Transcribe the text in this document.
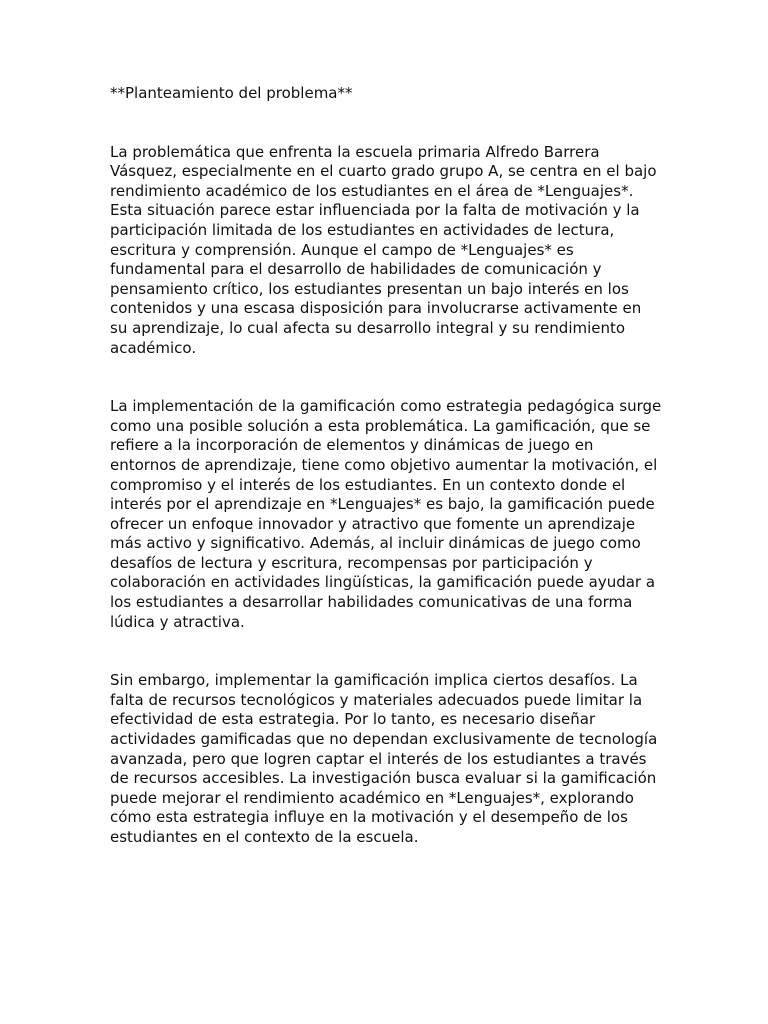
**Planteamiento del problema**

La problemática que enfrenta la escuela primaria Alfredo Barrera Vásquez, especialmente en el cuarto grado grupo A, se centra en el bajo rendimiento académico de los estudiantes en el área de *Lenguajes*. Esta situación parece estar influenciada por la falta de motivación y la participación limitada de los estudiantes en actividades de lectura, escritura y comprensión. Aunque el campo de *Lenguajes* es fundamental para el desarrollo de habilidades de comunicación y pensamiento crítico, los estudiantes presentan un bajo interés en los contenidos y una escasa disposición para involucrarse activamente en su aprendizaje, lo cual afecta su desarrollo integral y su rendimiento académico.

La implementación de la gamificación como estrategia pedagógica surge como una posible solución a esta problemática. La gamificación, que se refiere a la incorporación de elementos y dinámicas de juego en entornos de aprendizaje, tiene como objetivo aumentar la motivación, el compromiso y el interés de los estudiantes. En un contexto donde el interés por el aprendizaje en *Lenguajes* es bajo, la gamificación puede ofrecer un enfoque innovador y atractivo que fomente un aprendizaje más activo y significativo. Además, al incluir dinámicas de juego como desafíos de lectura y escritura, recompensas por participación y colaboración en actividades lingüísticas, la gamificación puede ayudar a los estudiantes a desarrollar habilidades comunicativas de una forma lúdica y atractiva.

Sin embargo, implementar la gamificación implica ciertos desafíos. La falta de recursos tecnológicos y materiales adecuados puede limitar la efectividad de esta estrategia. Por lo tanto, es necesario diseñar actividades gamificadas que no dependan exclusivamente de tecnología avanzada, pero que logren captar el interés de los estudiantes a través de recursos accesibles. La investigación busca evaluar si la gamificación puede mejorar el rendimiento académico en *Lenguajes*, explorando cómo esta estrategia influye en la motivación y el desempeño de los estudiantes en el contexto de la escuela.
